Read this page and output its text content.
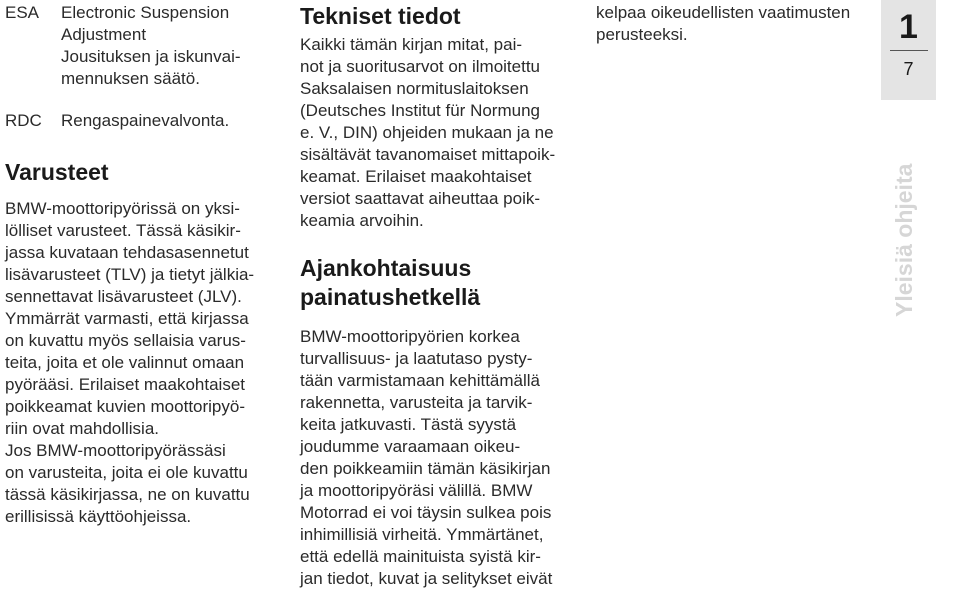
ESA	Electronic Suspension
Adjustment
Jousituksen ja iskunvai-
mennuksen säätö.
RDC	Rengaspainevalvonta.
Varusteet
BMW-moottoripyörissä on yksi-
lölliset varusteet. Tässä käsikir-
jassa kuvataan tehdasasennetut
lisävarusteet (TLV) ja tietyt jälkia-
sennettavat lisävarusteet (JLV).
Ymmärrät varmasti, että kirjassa
on kuvattu myös sellaisia varus-
teita, joita et ole valinnut omaan
pyörääsi. Erilaiset maakohtaiset
poikkeamat kuvien moottoripyö-
riin ovat mahdollisia.
Jos BMW-moottoripyörässäsi
on varusteita, joita ei ole kuvattu
tässä käsikirjassa, ne on kuvattu
erillisissä käyttöohjeissa.
Tekniset tiedot
Kaikki tämän kirjan mitat, pai-
not ja suoritusarvot on ilmoitettu
Saksalaisen normituslaitoksen
(Deutsches Institut für Normung
e. V., DIN) ohjeiden mukaan ja ne
sisältävät tavanomaiset mittapoik-
keamat. Erilaiset maakohtaiset
versiot saattavat aiheuttaa poik-
keamia arvoihin.
Ajankohtaisuus
painatushetkellä
BMW-moottoripyörien korkea
turvallisuus- ja laatutaso pysty-
tään varmistamaan kehittämällä
rakennetta, varusteita ja tarvik-
keita jatkuvasti. Tästä syystä
joudumme varaamaan oikeu-
den poikkeamiin tämän käsikirjan
ja moottoripyöräsi välillä. BMW
Motorrad ei voi täysin sulkea pois
inhimillisiä virheitä. Ymmärtänet,
että edellä mainituista syistä kir-
jan tiedot, kuvat ja selitykset eivät
kelpaa oikeudellisten vaatimusten
perusteeksi.	1
7
Yleisiä ohjeita
